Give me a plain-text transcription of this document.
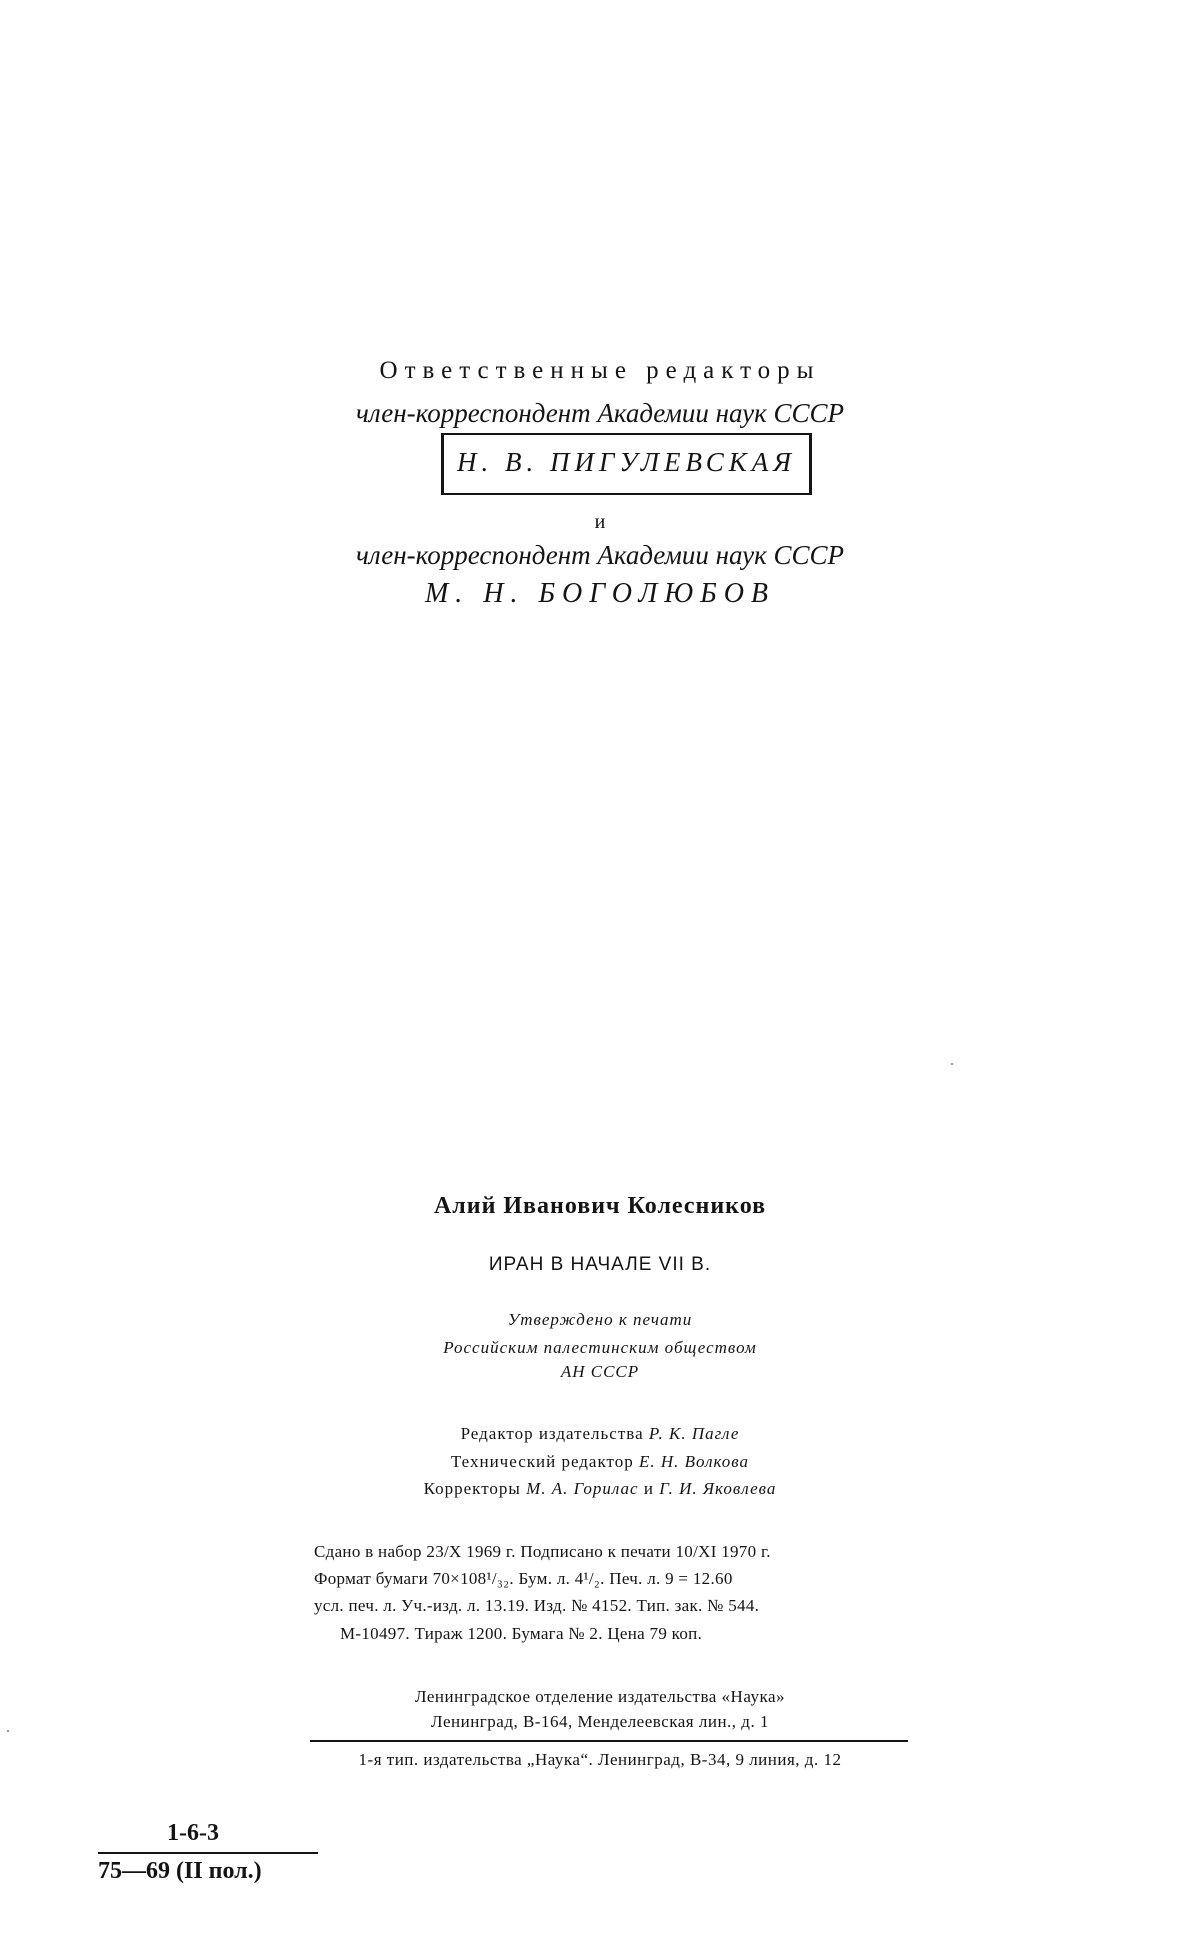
Ответственные редакторы
член-корреспондент Академии наук СССР
Н. В. ПИГУЛЕВСКАЯ
и
член-корреспондент Академии наук СССР
М. Н. БОГОЛЮБОВ
Алий Иванович Колесников
ИРАН В НАЧАЛЕ VII В.
Утверждено к печати
Российским палестинским обществом
АН СССР
Редактор издательства Р. К. Пагле
Технический редактор Е. Н. Волкова
Корректоры М. А. Горилас и Г. И. Яковлева
Сдано в набор 23/X 1969 г. Подписано к печати 10/XI 1970 г.
Формат бумаги 70×108¹/₃₂. Бум. л. 4¹/₂. Печ. л. 9 = 12.60
усл. печ. л. Уч.-изд. л. 13.19. Изд. № 4152. Тип. зак. № 544.
М-10497. Тираж 1200. Бумага № 2. Цена 79 коп.
Ленинградское отделение издательства «Наука»
Ленинград, В-164, Менделеевская лин., д. 1
1-я тип. издательства „Наука“. Ленинград, В-34, 9 линия, д. 12
1-6-3
75—69 (II пол.)
